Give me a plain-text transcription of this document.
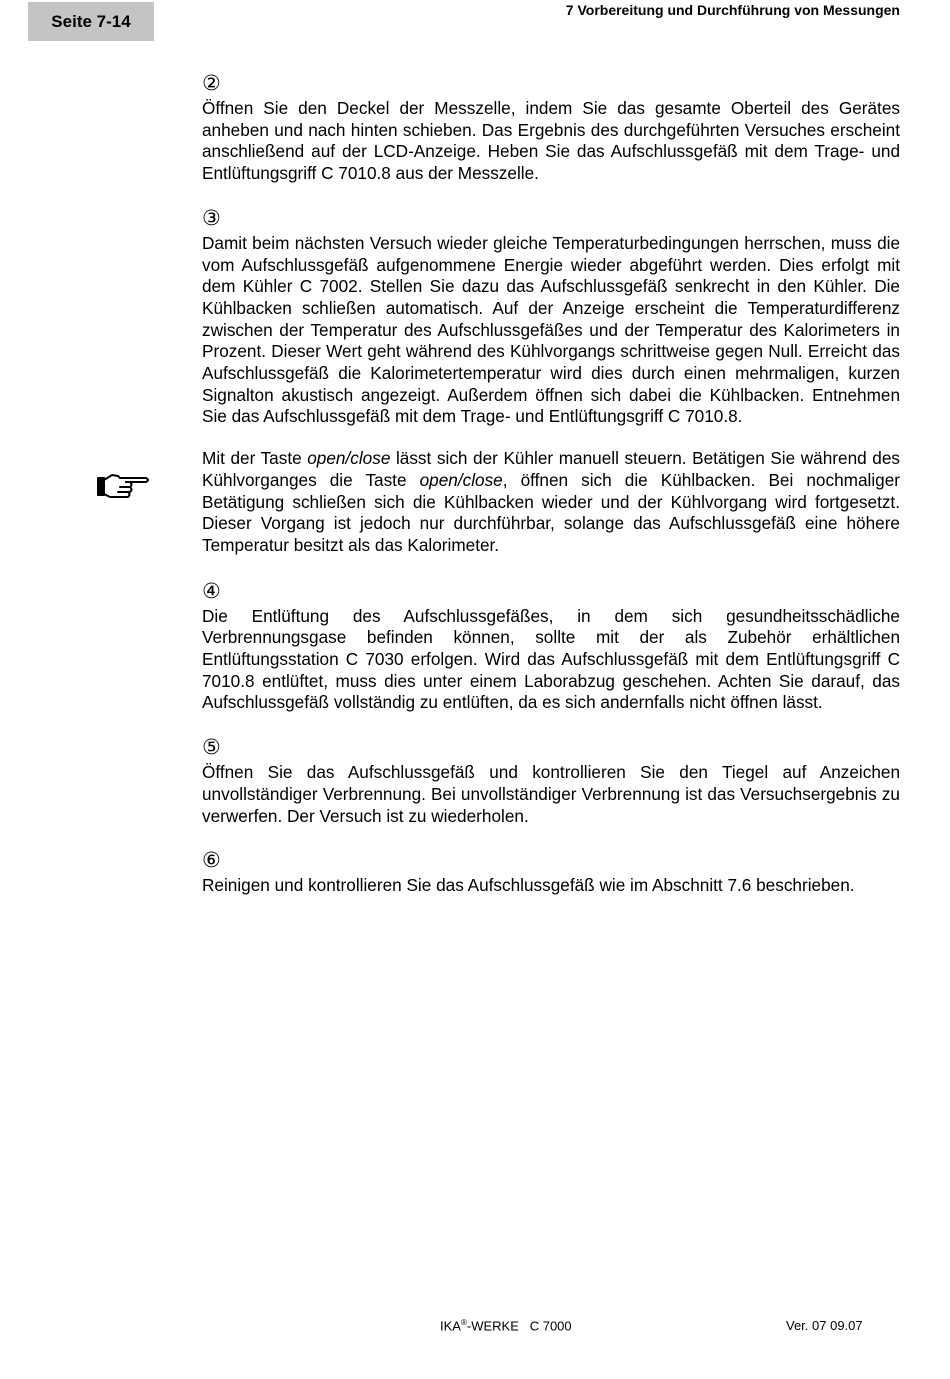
Seite 7-14
7 Vorbereitung und Durchführung von Messungen
②

Öffnen Sie den Deckel der Messzelle, indem Sie das gesamte Oberteil des Gerätes anheben und nach hinten schieben. Das Ergebnis des durchgeführten Versuches erscheint anschließend auf der LCD-Anzeige. Heben Sie das Aufschlussgefäß mit dem Trage- und Entlüftungsgriff C 7010.8 aus der Messzelle.

③

Damit beim nächsten Versuch wieder gleiche Temperaturbedingungen herrschen, muss die vom Aufschlussgefäß aufgenommene Energie wieder abgeführt werden. Dies erfolgt mit dem Kühler C 7002. Stellen Sie dazu das Aufschlussgefäß senkrecht in den Kühler. Die Kühlbacken schließen automatisch. Auf der Anzeige erscheint die Temperaturdifferenz zwischen der Temperatur des Aufschlussgefäßes und der Temperatur des Kalorimeters in Prozent. Dieser Wert geht während des Kühlvorgangs schrittweise gegen Null. Erreicht das Aufschlussgefäß die Kalorimetertemperatur wird dies durch einen mehrmaligen, kurzen Signalton akustisch angezeigt. Außerdem öffnen sich dabei die Kühlbacken. Entnehmen Sie das Aufschlussgefäß mit dem Trage- und Entlüftungsgriff C 7010.8.

Mit der Taste open/close lässt sich der Kühler manuell steuern. Betätigen Sie während des Kühlvorganges die Taste open/close, öffnen sich die Kühlbacken. Bei nochmaliger Betätigung schließen sich die Kühlbacken wieder und der Kühlvorgang wird fortgesetzt. Dieser Vorgang ist jedoch nur durchführbar, solange das Aufschlussgefäß eine höhere Temperatur besitzt als das Kalorimeter.

④

Die Entlüftung des Aufschlussgefäßes, in dem sich gesundheitsschädliche Verbrennungsgase befinden können, sollte mit der als Zubehör erhältlichen Entlüftungsstation C 7030 erfolgen. Wird das Aufschlussgefäß mit dem Entlüftungsgriff C 7010.8 entlüftet, muss dies unter einem Laborabzug geschehen. Achten Sie darauf, das Aufschlussgefäß vollständig zu entlüften, da es sich andernfalls nicht öffnen lässt.

⑤

Öffnen Sie das Aufschlussgefäß und kontrollieren Sie den Tiegel auf Anzeichen unvollständiger Verbrennung. Bei unvollständiger Verbrennung ist das Versuchsergebnis zu verwerfen. Der Versuch ist zu wiederholen.

⑥

Reinigen und kontrollieren Sie das Aufschlussgefäß wie im Abschnitt 7.6 beschrieben.

IKA®-WERKE   C 7000	Ver. 07 09.07
